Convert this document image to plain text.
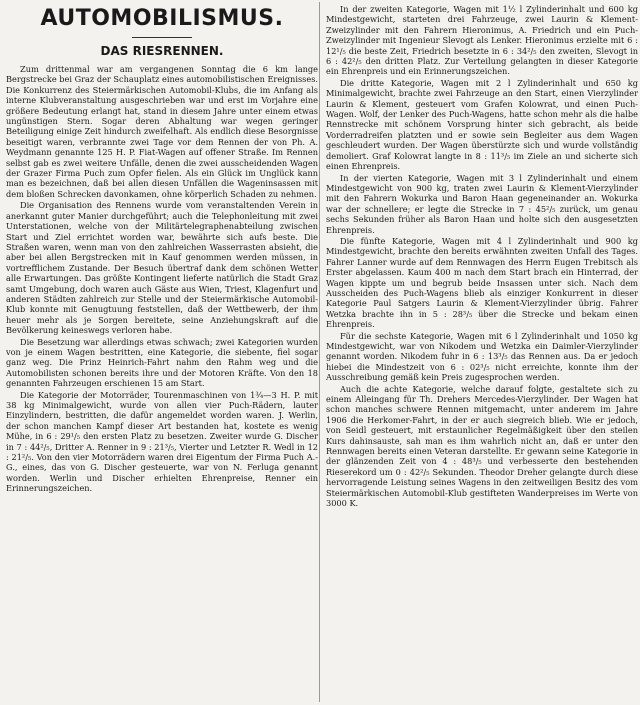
AUTOMOBILISMUS.
DAS RIESRENNEN.

Zum drittenmal war am vergangenen Sonntag die 6 km lange Bergstrecke bei Graz der Schauplatz eines automobilistischen Ereignisses. Die Konkurrenz des Steiermärkischen Automobil-Klubs, die im Anfang als interne Klubveranstaltung ausgeschrieben war und erst im Vorjahre eine größere Bedeutung erlangt hat, stand in diesem Jahre unter einem etwas ungünstigen Stern. Sogar deren Abhaltung war wegen geringer Beteiligung einige Zeit hindurch zweifelhaft. Als endlich diese Besorgnisse beseitigt waren, verbrannte zwei Tage vor dem Rennen der von Ph. A. Weydmann genannte 125 H. P. Fiat-Wagen auf offener Straße. Im Rennen selbst gab es zwei weitere Unfälle, denen die zwei ausscheidenden Wagen der Grazer Firma Puch zum Opfer fielen. Als ein Glück im Unglück kann man es bezeichnen, daß bei allen diesen Unfällen die Wageninsassen mit dem bloßen Schrecken davonkamen, ohne körperlich Schaden zu nehmen.

Die Organisation des Rennens wurde vom veranstaltenden Verein in anerkannt guter Manier durchgeführt; auch die Telephonleitung mit zwei Unterstationen, welche von der Militärtelegraphenabteilung zwischen Start und Ziel errichtet worden war, bewährte sich aufs beste. Die Straßen waren, wenn man von den zahlreichen Wasserrasten absieht, die aber bei allen Bergstrecken mit in Kauf genommen werden müssen, in vortrefflichem Zustande. Der Besuch übertraf dank dem schönen Wetter alle Erwartungen. Das größte Kontingent lieferte natürlich die Stadt Graz samt Umgebung, doch waren auch Gäste aus Wien, Triest, Klagenfurt und anderen Städten zahlreich zur Stelle und der Steiermärkische Automobil-Klub konnte mit Genugtuung feststellen, daß der Wettbewerb, der ihm heuer mehr als je Sorgen bereitete, seine Anziehungskraft auf die Bevölkerung keineswegs verloren habe.

Die Besetzung war allerdings etwas schwach; zwei Kategorien wurden von je einem Wagen bestritten, eine Kategorie, die siebente, fiel sogar ganz weg. Die Prinz Heinrich-Fahrt nahm den Rahm weg und die Automobilisten schonen bereits ihre und der Motoren Kräfte. Von den 18 genannten Fahrzeugen erschienen 15 am Start.

Die Kategorie der Motorräder, Tourenmaschinen von 1¾—3 H. P. mit 38 kg Minimalgewicht, wurde von allen vier Puch-Rädern, lauter Einzylindern, bestritten, die dafür angemeldet worden waren. J. Werlin, der schon manchen Kampf dieser Art bestanden hat, kostete es wenig Mühe, in 6 : 29¹/₅ den ersten Platz zu besetzen. Zweiter wurde G. Discher in 7 : 44²/₅, Dritter A. Renner in 9 : 21³/₅, Vierter und Letzter R. Wedl in 12 : 21²/₅. Von den vier Motorrädern waren drei Eigentum der Firma Puch A.-G., eines, das von G. Discher gesteuerte, war von N. Ferluga genannt worden. Werlin und Discher erhielten Ehrenpreise, Renner ein Erinnerungszeichen.

In der zweiten Kategorie, Wagen mit 1½ l Zylinderinhalt und 600 kg Mindestgewicht, starteten drei Fahrzeuge, zwei Laurin & Klement-Zweizylinder mit den Fahrern Hieronimus, A. Friedrich und ein Puch-Zweizylinder mit Ingenieur Slevogt als Lenker. Hieronimus erzielte mit 6 : 12¹/₅ die beste Zeit, Friedrich besetzte in 6 : 34²/₅ den zweiten, Slevogt in 6 : 42²/₅ den dritten Platz. Zur Verteilung gelangten in dieser Kategorie ein Ehrenpreis und ein Erinnerungszeichen.

Die dritte Kategorie, Wagen mit 2 l Zylinderinhalt und 650 kg Minimalgewicht, brachte zwei Fahrzeuge an den Start, einen Vierzylinder Laurin & Klement, gesteuert vom Grafen Kolowrat, und einen Puch-Wagen. Wolf, der Lenker des Puch-Wagens, hatte schon mehr als die halbe Rennstrecke mit schönem Vorsprung hinter sich gebracht, als beide Vorderradreifen platzten und er sowie sein Begleiter aus dem Wagen geschleudert wurden. Der Wagen überstürzte sich und wurde vollständig demoliert. Graf Kolowrat langte in 8 : 11³/₅ im Ziele an und sicherte sich einen Ehrenpreis.

In der vierten Kategorie, Wagen mit 3 l Zylinderinhalt und einem Mindestgewicht von 900 kg, traten zwei Laurin & Klement-Vierzylinder mit den Fahrern Wokurka und Baron Haan gegeneinander an. Wokurka war der schnellere; er legte die Strecke in 7 : 45²/₅ zurück, um genau sechs Sekunden früher als Baron Haan und holte sich den ausgesetzten Ehrenpreis.

Die fünfte Kategorie, Wagen mit 4 l Zylinderinhalt und 900 kg Mindestgewicht, brachte den bereits erwähnten zweiten Unfall des Tages. Fahrer Lanner wurde auf dem Rennwagen des Herrn Eugen Trebitsch als Erster abgelassen. Kaum 400 m nach dem Start brach ein Hinterrad, der Wagen kippte um und begrub beide Insassen unter sich. Nach dem Ausscheiden des Puch-Wagens blieb als einziger Konkurrent in dieser Kategorie Paul Satgers Laurin & Klement-Vierzylinder übrig. Fahrer Wetzka brachte ihn in 5 : 28³/₅ über die Strecke und bekam einen Ehrenpreis.

Für die sechste Kategorie, Wagen mit 6 l Zylinderinhalt und 1050 kg Mindestgewicht, war von Nikodem und Wetzka ein Daimler-Vierzylinder genannt worden. Nikodem fuhr in 6 : 13³/₅ das Rennen aus. Da er jedoch hiebei die Mindestzeit von 6 : 02³/₅ nicht erreichte, konnte ihm der Ausschreibung gemäß kein Preis zugesprochen werden.

Auch die achte Kategorie, welche darauf folgte, gestaltete sich zu einem Alleingang für Th. Drehers Mercedes-Vierzylinder. Der Wagen hat schon manches schwere Rennen mitgemacht, unter anderem im Jahre 1906 die Herkomer-Fahrt, in der er auch siegreich blieb. Wie er jedoch, von Seidl gesteuert, mit erstaunlicher Regelmäßigkeit über den steilen Kurs dahinsauste, sah man es ihm wahrlich nicht an, daß er unter den Rennwagen bereits einen Veteran darstellte. Er gewann seine Kategorie in der glänzenden Zeit von 4 : 48³/₅ und verbesserte den bestehenden Rieserekord um 0 : 42²/₅ Sekunden. Theodor Dreher gelangte durch diese hervorragende Leistung seines Wagens in den zeitweiligen Besitz des vom Steiermärkischen Automobil-Klub gestifteten Wanderpreises im Werte von 3000 K.
